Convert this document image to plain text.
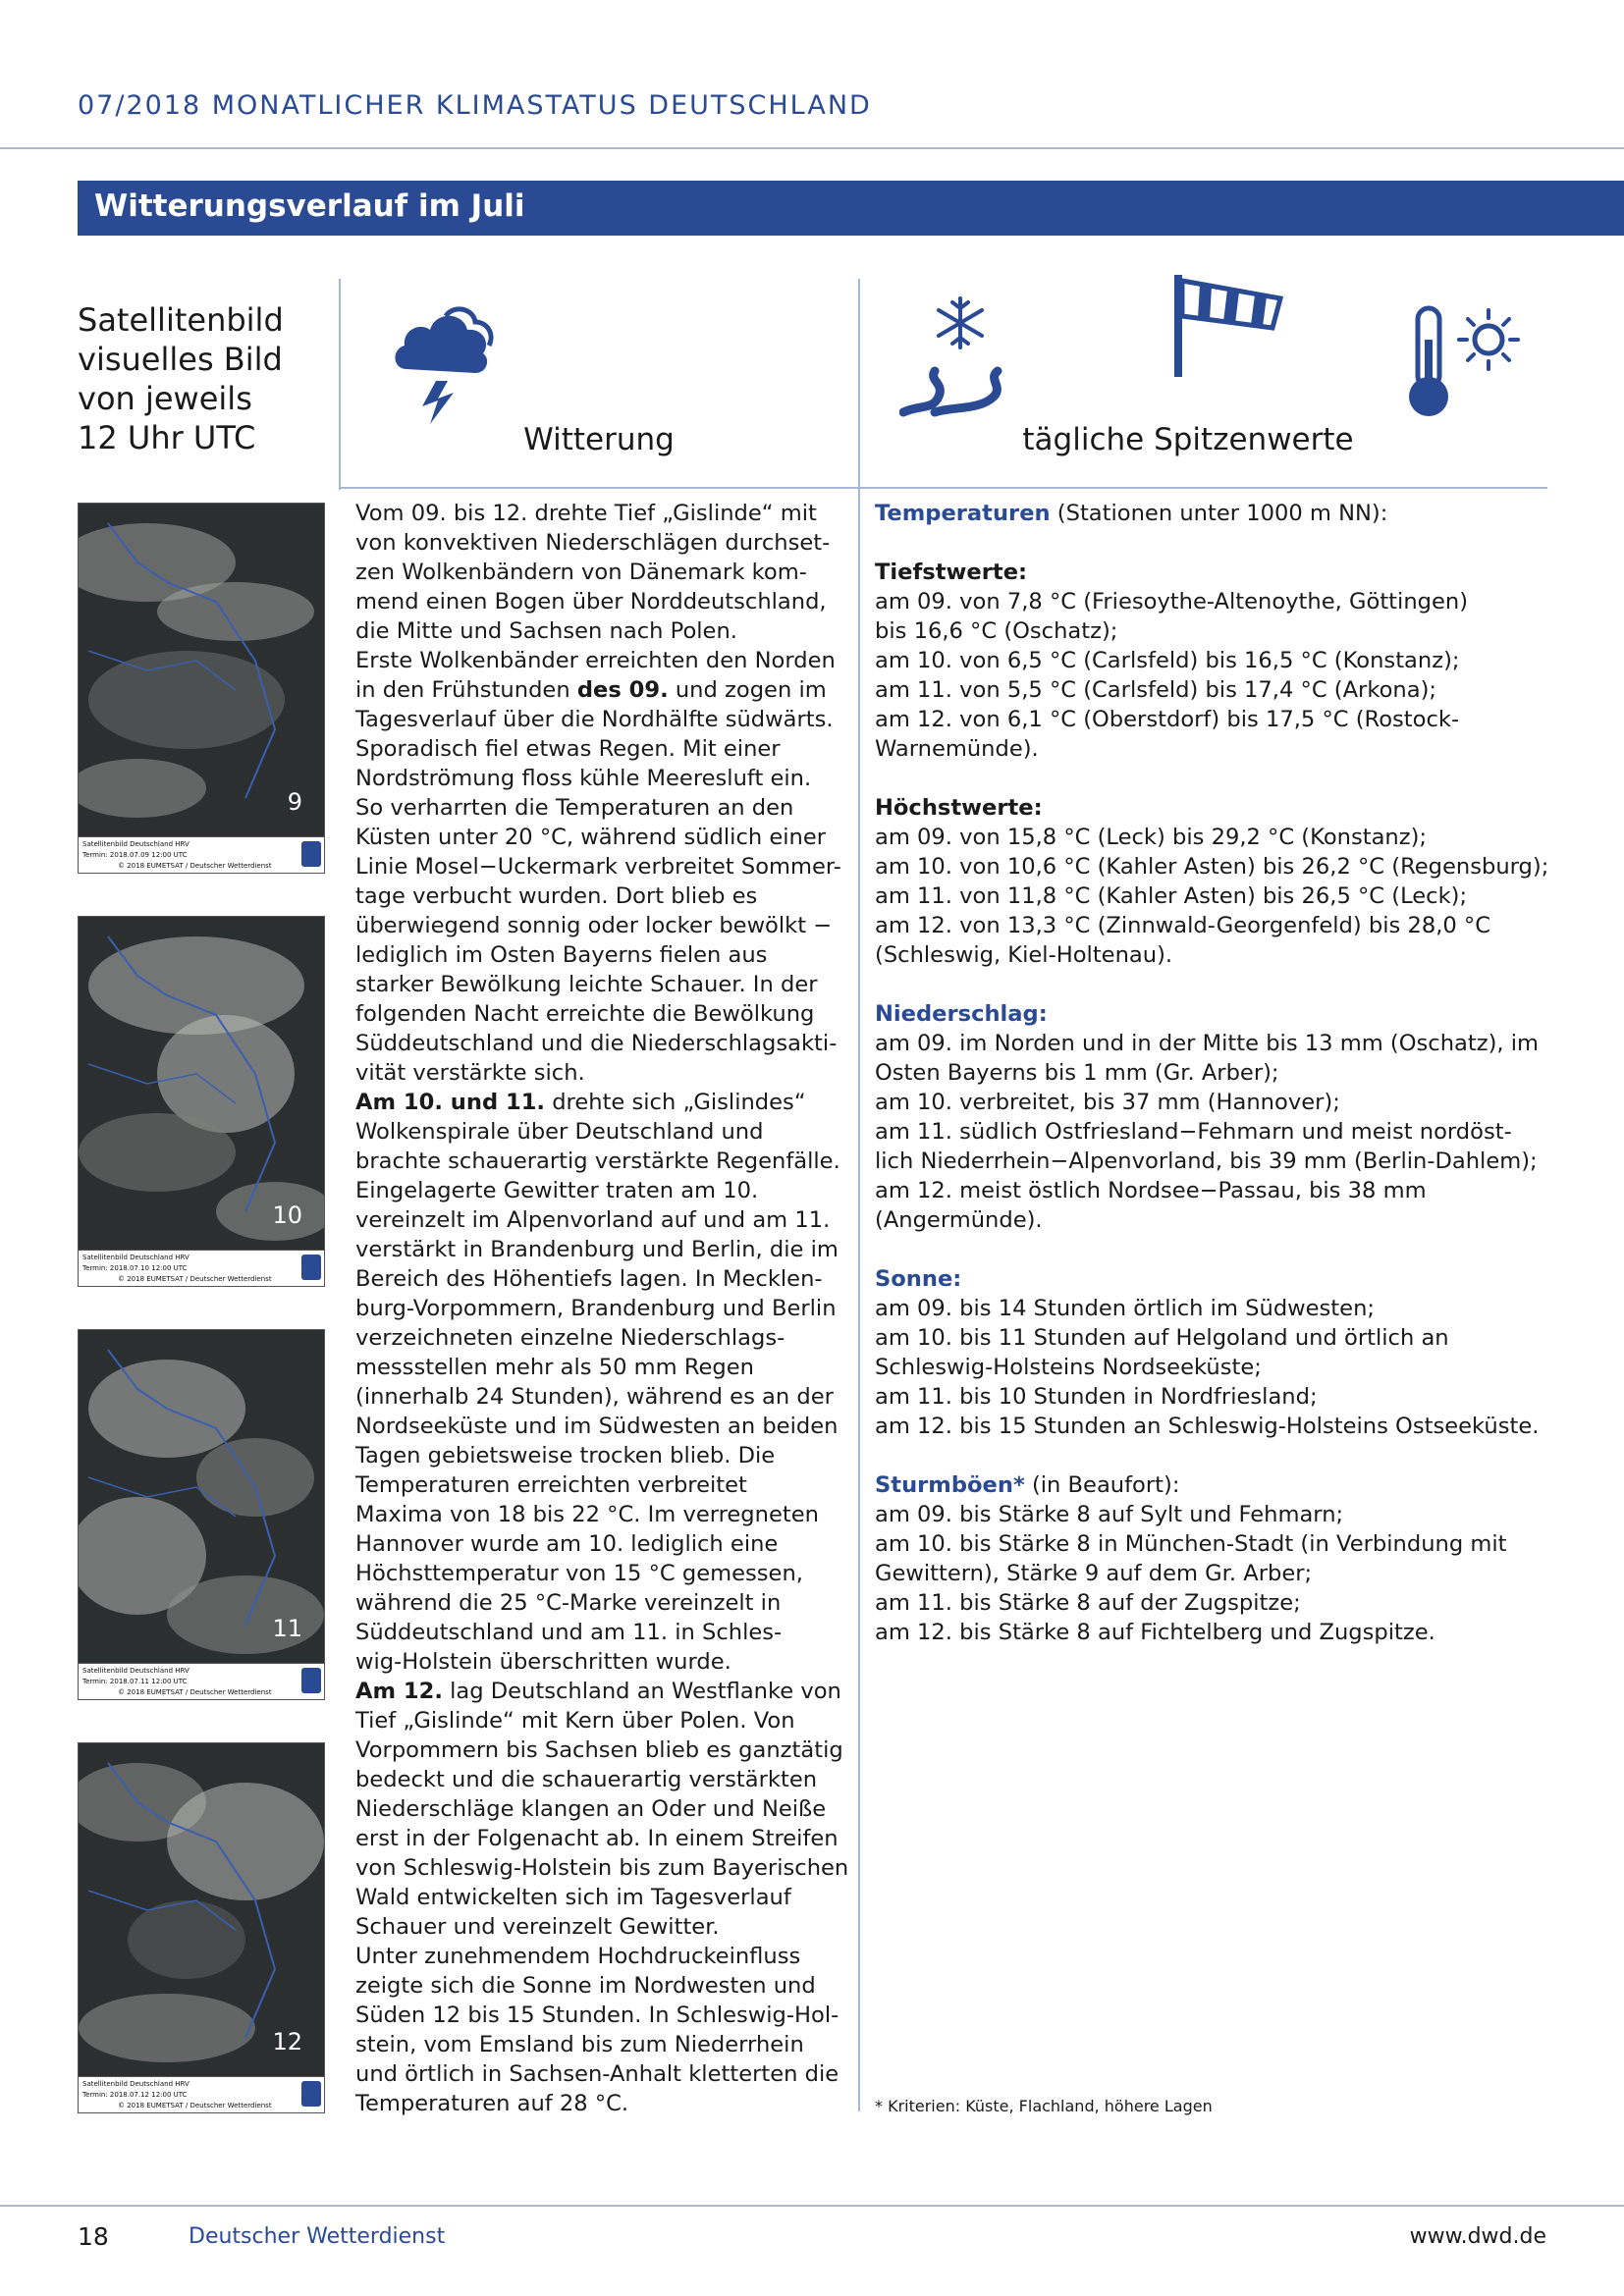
07/2018 MONATLICHER KLIMASTATUS DEUTSCHLAND
Witterungsverlauf im Juli
Satellitenbild
visuelles Bild
von jeweils
12 Uhr UTC	Witterung	tägliche Spitzenwerte
9
Satellitenbild Deutschland HRV
Termin: 2018.07.09 12:00 UTC
© 2018 EUMETSAT / Deutscher Wetterdienst
10
Satellitenbild Deutschland HRV
Termin: 2018.07.10 12:00 UTC
© 2018 EUMETSAT / Deutscher Wetterdienst
11
Satellitenbild Deutschland HRV
Termin: 2018.07.11 12:00 UTC
© 2018 EUMETSAT / Deutscher Wetterdienst
12
Satellitenbild Deutschland HRV
Termin: 2018.07.12 12:00 UTC
© 2018 EUMETSAT / Deutscher Wetterdienst
Vom 09. bis 12. drehte Tief „Gislinde“ mit
von konvektiven Niederschlägen durchset-
zen Wolkenbändern von Dänemark kom-
mend einen Bogen über Norddeutschland,
die Mitte und Sachsen nach Polen.
Erste Wolkenbänder erreichten den Norden
in den Frühstunden des 09. und zogen im
Tagesverlauf über die Nordhälfte südwärts.
Sporadisch fiel etwas Regen. Mit einer
Nordströmung floss kühle Meeresluft ein.
So verharrten die Temperaturen an den
Küsten unter 20 °C, während südlich einer
Linie Mosel−Uckermark verbreitet Sommer-
tage verbucht wurden. Dort blieb es
überwiegend sonnig oder locker bewölkt −
lediglich im Osten Bayerns fielen aus
starker Bewölkung leichte Schauer. In der
folgenden Nacht erreichte die Bewölkung
Süddeutschland und die Niederschlagsakti-
vität verstärkte sich.
Am 10. und 11. drehte sich „Gislindes“
Wolkenspirale über Deutschland und
brachte schauerartig verstärkte Regenfälle.
Eingelagerte Gewitter traten am 10.
vereinzelt im Alpenvorland auf und am 11.
verstärkt in Brandenburg und Berlin, die im
Bereich des Höhentiefs lagen. In Mecklen-
burg-Vorpommern, Brandenburg und Berlin
verzeichneten einzelne Niederschlags-
messstellen mehr als 50 mm Regen
(innerhalb 24 Stunden), während es an der
Nordseeküste und im Südwesten an beiden
Tagen gebietsweise trocken blieb. Die
Temperaturen erreichten verbreitet
Maxima von 18 bis 22 °C. Im verregneten
Hannover wurde am 10. lediglich eine
Höchsttemperatur von 15 °C gemessen,
während die 25 °C-Marke vereinzelt in
Süddeutschland und am 11. in Schles-
wig-Holstein überschritten wurde.
Am 12. lag Deutschland an Westflanke von
Tief „Gislinde“ mit Kern über Polen. Von
Vorpommern bis Sachsen blieb es ganztätig
bedeckt und die schauerartig verstärkten
Niederschläge klangen an Oder und Neiße
erst in der Folgenacht ab. In einem Streifen
von Schleswig-Holstein bis zum Bayerischen
Wald entwickelten sich im Tagesverlauf
Schauer und vereinzelt Gewitter.
Unter zunehmendem Hochdruckeinfluss
zeigte sich die Sonne im Nordwesten und
Süden 12 bis 15 Stunden. In Schleswig-Hol-
stein, vom Emsland bis zum Niederrhein
und örtlich in Sachsen-Anhalt kletterten die
Temperaturen auf 28 °C.
Temperaturen (Stationen unter 1000 m NN):
Tiefstwerte:
am 09. von 7,8 °C (Friesoythe-Altenoythe, Göttingen)
bis 16,6 °C (Oschatz);
am 10. von 6,5 °C (Carlsfeld) bis 16,5 °C (Konstanz);
am 11. von 5,5 °C (Carlsfeld) bis 17,4 °C (Arkona);
am 12. von 6,1 °C (Oberstdorf) bis 17,5 °C (Rostock-
Warnemünde).
Höchstwerte:
am 09. von 15,8 °C (Leck) bis 29,2 °C (Konstanz);
am 10. von 10,6 °C (Kahler Asten) bis 26,2 °C (Regensburg);
am 11. von 11,8 °C (Kahler Asten) bis 26,5 °C (Leck);
am 12. von 13,3 °C (Zinnwald-Georgenfeld) bis 28,0 °C
(Schleswig, Kiel-Holtenau).
Niederschlag:
am 09. im Norden und in der Mitte bis 13 mm (Oschatz), im
Osten Bayerns bis 1 mm (Gr. Arber);
am 10. verbreitet, bis 37 mm (Hannover);
am 11. südlich Ostfriesland−Fehmarn und meist nordöst-
lich Niederrhein−Alpenvorland, bis 39 mm (Berlin-Dahlem);
am 12. meist östlich Nordsee−Passau, bis 38 mm
(Angermünde).
Sonne:
am 09. bis 14 Stunden örtlich im Südwesten;
am 10. bis 11 Stunden auf Helgoland und örtlich an
Schleswig-Holsteins Nordseeküste;
am 11. bis 10 Stunden in Nordfriesland;
am 12. bis 15 Stunden an Schleswig-Holsteins Ostseeküste.
Sturmböen* (in Beaufort):
am 09. bis Stärke 8 auf Sylt und Fehmarn;
am 10. bis Stärke 8 in München-Stadt (in Verbindung mit
Gewittern), Stärke 9 auf dem Gr. Arber;
am 11. bis Stärke 8 auf der Zugspitze;
am 12. bis Stärke 8 auf Fichtelberg und Zugspitze.
* Kriterien: Küste, Flachland, höhere Lagen
18	Deutscher Wetterdienst	www.dwd.de
